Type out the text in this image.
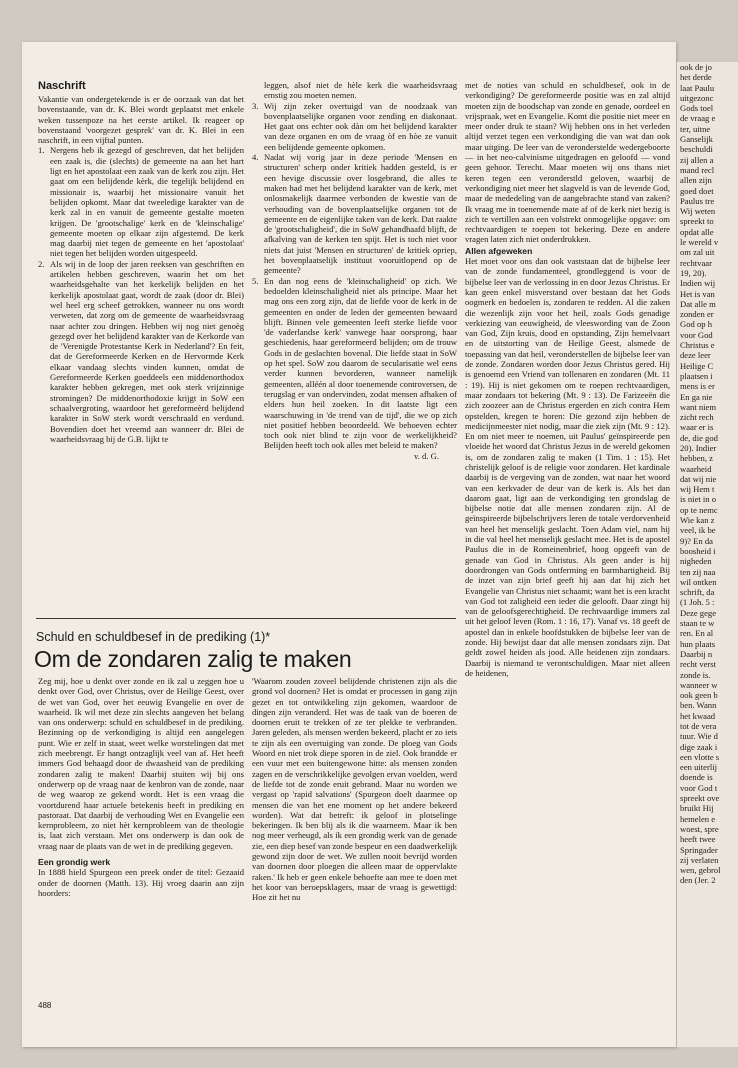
ook de jo
het derde
laat Paulu
uitgezonc
Gods toel
de vraag e
ter, uitne
Ganselijk
beschuldi
zij allen a
mand recl
allen zijn
goed doet
Paulus tre
Wij weten
spreekt to
opdat alle
le wereld v
om zal uit
rechtvaar
19, 20).
Indien wij
Het is van
Dat alle m
zonden er
God op h
voor God
Christus e
deze leer
Heilige C
plaatsen i
mens is er
En ga nie
want niem
zicht rech
waar er is
de, die god
20). Indier
hebben, z
waarheid
dat wij nie
wij Hem t
is niet in o
op te nemc
Wie kan z
veel, ik be
9)? En da
boosheid i
nigheden
ten zij naa
wil ontken
schrift, da
(1 Joh. 5 :
Deze gege
staan te w
ren. En al
hun plaats
Daarbij n
recht verst
zonde is.
wanneer w
ook geen b
ben. Wann
het kwaad
tot de vera
tuur. Wie d
dige zaak i
een vlotte s
een uiterlij
doende is
voor God t
spreekt ove
bruikt Hij
hemelen e
woest, spre
heeft twee
Springader
zij verlaten
wen, gebrol
den (Jer. 2
Naschrift

Vakantie van ondergetekende is er de oorzaak van dat het bovenstaande, van dr. K. Blei wordt geplaatst met enkele weken tussenpoze na het eerste artikel. Ik reageer op bovenstaand 'voorgezet gesprek' van dr. K. Blei in een naschrift, in een vijftal punten.

1. Nergens heb ik gezegd of geschreven, dat het belijden een zaak is, die (slechts) de gemeente na aan het hart ligt en het apostolaat een zaak van de kerk zou zijn. Het gaat om een belijdende kèrk, die tegelijk belijdend en missionair is, waarbij het missionaire vanuit het belijden opkomt. Maar dat tweeledige karakter van de kerk zal in en vanuit de gemeente gestalte moeten krijgen. De 'grootschalige' kerk en de 'kleinschalige' gemeente moeten op elkaar zijn afgestemd. De kerk mag daarbij niet tegen de gemeente en het 'apostolaat' niet tegen het belijden worden uitgespeeld.
2. Als wij in de loop der jaren reeksen van geschriften en artikelen hebben geschreven, waarin het om het waarheidsgehalte van het kerkelijk belijden en het kerkelijk apostolaat gaat, wordt de zaak (door dr. Blei) wel heel erg scheef getrokken, wanneer nu ons wordt verweten, dat zorg om de gemeente de waarheidsvraag naar achter zou dringen. Hebben wij nog niet genoèg gezegd over het belijdend karakter van de Kerkorde van de 'Verenigde Protestantse Kerk in Nederland'? En feit, dat de Gereformeerde Kerken en de Hervormde Kerk elkaar vandaag slechts vinden kunnen, omdat de Gereformeerde Kerken goeddeels een middenorthodox karakter hebben gekregen, met ook sterk vrijzinnige stromingen? De middenorthodoxie krijgt in SoW een schaalvergroting, waardoor het gereformeèrd belijdend karakter in SoW sterk wordt verschraald en verdund. Bovendien doet het vreemd aan wanneer dr. Blei de waarheidsvraag bij de G.B. lijkt te

leggen, alsof niet de hèle kerk die waarheidsvraag ernstig zou moeten nemen.

3. Wij zijn zeker overtuigd van de noodzaak van bovenplaatselijke organen voor zending en diakonaat. Het gaat ons echter ook dàn om het belijdend karakter van deze organen en om de vraag òf en hòe ze vanuit een belijdende gemeente opkomen.
4. Nadat wij vorig jaar in deze periode 'Mensen en structuren' scherp onder kritiek hadden gesteld, is er een hevige discussie over losgebrand, die alles te maken had met het belijdend karakter van de kerk, met onlosmakelijk daarmee verbonden de kwestie van de verhouding van de bovenplaatselijke organen tot de gemeente en de eigenlijke taken van de kerk. Dat raakte de 'grootschaligheid', die in SoW gehandhaafd blijft, de afkalving van de kerken ten spijt. Het is toch niet voor niets dat juist 'Mensen en structuren' de kritiek opriep, het bovenplaatselijk instituut vooruitlopend op de gemeente?
5. En dan nog eens de 'kleinschaligheid' op zich. We bedoelden kleinschaligheid niet als principe. Maar het mag ons een zorg zijn, dat de liefde voor de kerk in de gemeenten en onder de leden der gemeenten bewaard blijft. Binnen vele gemeenten leeft sterke liefde voor 'de vaderlandse kerk' vanwege haar oorsprong, haar geschiedenis, haar gereformeerd belijden; om de trouw Gods in de geslachten bovenal. Die liefde staat in SoW op het spel. SoW zou daarom de secularisatie wel eens verder kunnen bevorderen, wanneer namelijk gemeenten, alléén al door toenemende controversen, de terugslag er van ondervinden, zodat mensen afhaken of elders hun heil zoeken. In dit laatste ligt een waarschuwing in 'de trend van de tijd', die we op zich niet positief hebben beoordeeld. We behoeven echter toch ook niet blind te zijn voor de werkelijkheid? Belijden heeft toch ook alles met beleid te maken?

v. d. G.

met de noties van schuld en schuldbesef, ook in de verkondiging? De gereformeerde positie was en zal altijd moeten zijn de boodschap van zonde en genade, oordeel en vrijspraak, wet en Evangelie. Komt die positie niet meer en meer onder druk te staan? Wij hebben ons in het verleden altijd verzet tegen een verkondiging die van wat dan ook maar uitging. De leer van de veronderstelde wedergeboorte — in het neo-calvinisme uitgedragen en geloofd — vond geen gehoor. Terecht. Maar moeten wij ons thans niet keren tegen een veronderstld geloven, waarbij de verkondiging niet meer het slagveld is van de levende God, maar de mededeling van de aangebrachte stand van zaken? Ik vraag me in toenemende mate af of de kerk niet bezig is zich te vertillen aan een volstrekt onmogelijke opgave: om rechtvaardigen te roepen tot bekering. Deze en andere vragen laten zich niet onderdrukken.

Allen afgeweken

Het moet voor ons dan ook vaststaan dat de bijbelse leer van de zonde fundamenteel, grondleggend is voor de bijbelse leer van de verlossing in en door Jezus Christus. Er kan geen enkel misverstand over bestaan dat het Gods oogmerk en bedoelen is, zondaren te redden. Al die zaken die wezenlijk zijn voor het heil, zoals Gods genadige verkiezing van eeuwigheid, de vleeswording van de Zoon van God, Zijn kruis, dood en opstanding, Zijn hemelvaart en de uitstorting van de Heilige Geest, alsmede de toepassing van dat heil, veronderstellen de bijbelse leer van de zonde. Zondaren worden door Jezus Christus gered. Hij is genoemd een Vriend van tollenaren en zondaren (Mt. 11 : 19). Hij is niet gekomen om te roepen rechtvaardigen, maar zondaars tot bekering (Mt. 9 : 13). De Farizeeën die zich zoozeer aan de Christus ergerden en zich contra Hem opstelden, kregen te horen: Die gezond zijn hebben de medicijnmeester niet nodig, maar die ziek zijn (Mt. 9 : 12). En om niet meer te noemen, uit Paulus' geïnspireerde pen vloeide het woord dat Christus Jezus in de wereld gekomen is, om de zondaren zalig te maken (1 Tim. 1 : 15). Het christelijk geloof is de religie voor zondaren. Het kardinale daarbij is de vergeving van de zonden, wat naar het woord van een kerkvader de deur van de kerk is. Als het dan daarom gaat, ligt aan de verkondiging ten grondslag de bijbelse notie dat alle mensen zondaren zijn. Al de geïnspireerde bijbelschrijvers leren de totale verdorvenheid van heel het menselijk geslacht. Toen Adam viel, nam hij in die val heel het menselijk geslacht mee. Het is de apostel Paulus die in de Romeinenbrief, hoog opgeeft van de genade van God in Christus. Als geen ander is hij doordrongen van Gods ontferming en barmhartigheid. Bij de inzet van zijn brief geeft hij aan dat hij zich het Evangelie van Christus niet schaamt; want het is een kracht van God tot zaligheid een ieder die gelooft. Daar zingt hij van de geloofsgerechtigheid. De rechtvaardige immers zal uit het geloof leven (Rom. 1 : 16, 17). Vanaf vs. 18 geeft de apostel dan in enkele hoofdstukken de bijbelse leer van de zonde. Hij bewijst daar dat alle mensen zondaars zijn. Dat geldt zowel heiden als jood. Alle heidenen zijn zondaars. Daarbij is niemand te verontschuldigen. Maar niet alleen de heidenen,

Schuld en schuldbesef in de prediking (1)*
Om de zondaren zalig te maken

Zeg mij, hoe u denkt over zonde en ik zal u zeggen hoe u denkt over God, over Christus, over de Heilige Geest, over de wet van God, over het eeuwig Evangelie en over de waarheid. Ik wil met deze zin slechts aangeven het belang van ons onderwerp: schuld en schuldbesef in de prediking. Bezinning op de verkondiging is altijd een aangelegen punt. Wie er zelf in staat, weet welke worstelingen dat met zich meebrengt. Er hangt ontzaglijk veel van af. Het heeft immers God behaagd door de dwaasheid van de prediking zondaren zalig te maken! Daarbij stuiten wij bij ons onderwerp op de vraag naar de kenbron van de zonde, naar de weg waarop ze gekend wordt. Het is een vraag die voortdurend haar actuele betekenis heeft in prediking en pastoraat. Dat daarbij de verhouding Wet en Evangelie een kernprobleem, zo niet hèt kernprobleem van de theologie is, laat zich verstaan. Met ons onderwerp is dan ook de vraag naar de plaats van de wet in de prediking gegeven.

Een grondig werk

In 1888 hield Spurgeon een preek onder de titel: Gezaaid onder de doornen (Matth. 13). Hij vroeg daarin aan zijn hoorders:

'Waarom zouden zoveel belijdende christenen zijn als die grond vol doornen? Het is omdat er processen in gang zijn gezet en tot ontwikkeling zijn gekomen, waardoor de dingen zijn veranderd. Het was de taak van de boeren de doornen eruit te trekken of ze ter plekke te verbranden. Jaren geleden, als mensen werden bekeerd, placht er zo iets te zijn als een overtuiging van zonde. De ploeg van Gods Woord en niet trok diepe sporen in de ziel. Ook brandde er een vuur met een buitengewone hitte: als mensen zonden zagen en de verschrikkelijke gevolgen ervan voelden, werd de liefde tot de zonde eruit gebrand. Maar nu worden we vergast op 'rapid salvations' (Spurgeon doelt daarmee op mensen die van het ene moment op het andere bekeerd worden). Wat dat betreft: ik geloof in plotselinge bekeringen. Ik ben blij als ik die waarneem. Maar ik ben nog meer verheugd, als ik een grondig werk van de genade zie, een diep besef van zonde bespeur en een daadwerkelijk gewond zijn door de wet. We zullen nooit bevrijd worden van doornen door ploegen die alleen maar de oppervlakte raken.' Ik heb er geen enkele behoefte aan mee te doen met het koor van beroepsklagers, maar de vraag is gewettigd: Hoe zit het nu

488
